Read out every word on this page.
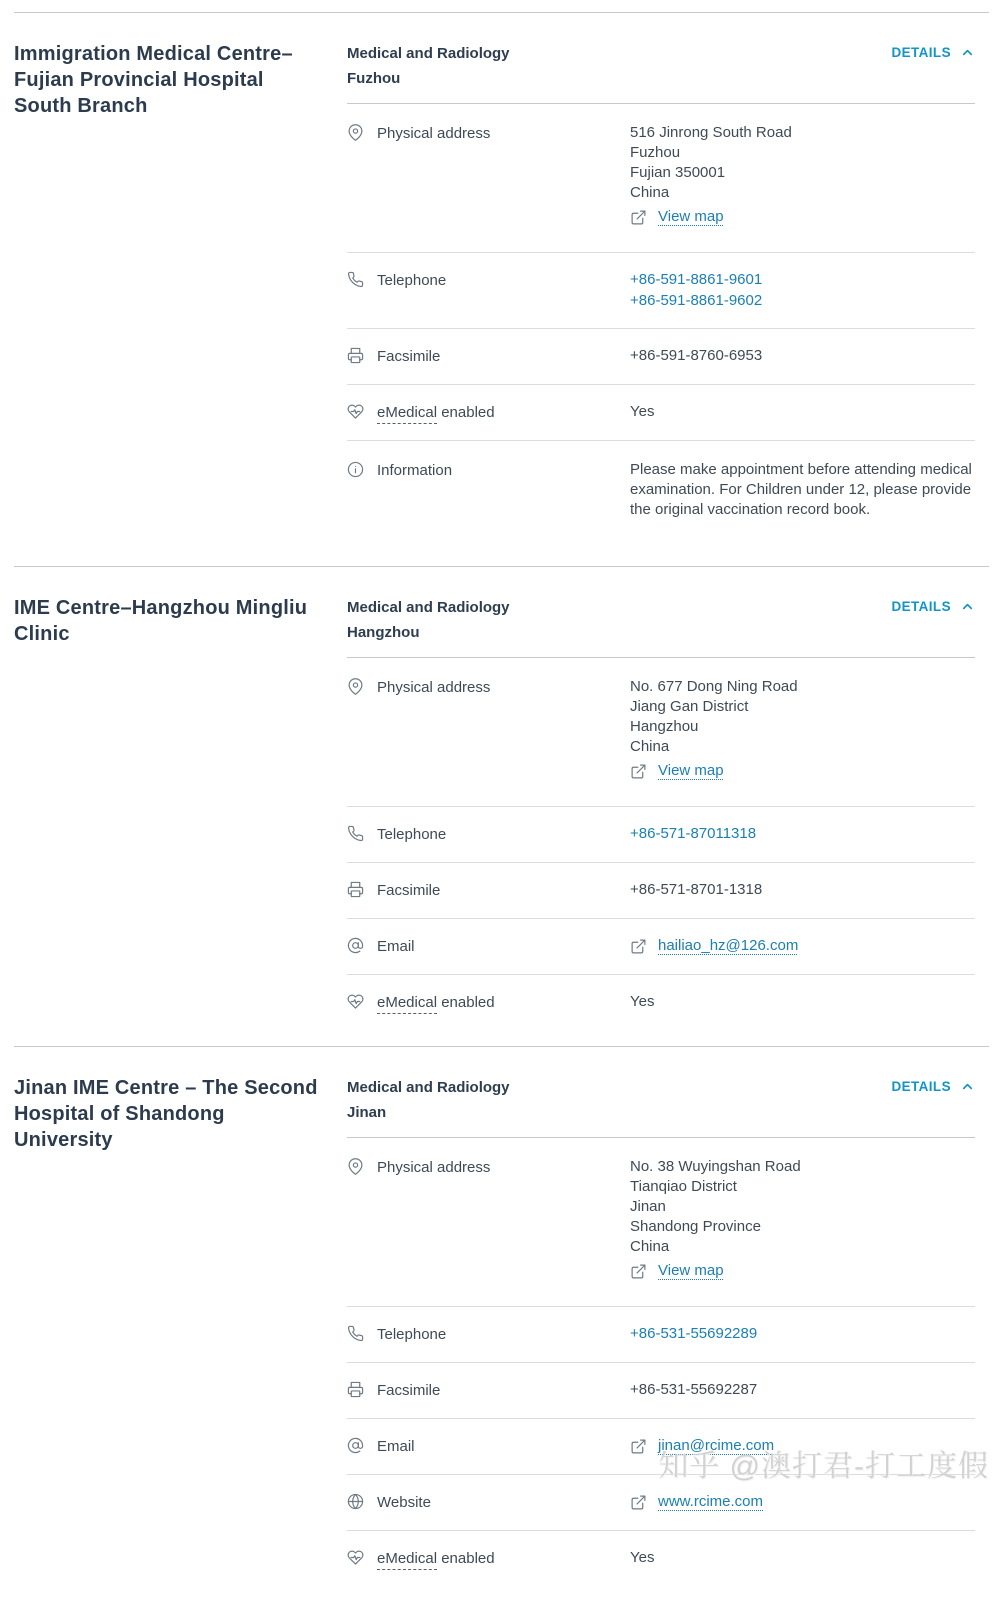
Immigration Medical Centre–Fujian Provincial Hospital South Branch
Medical and Radiology
Fuzhou
DETAILS
Physical address	516 Jinrong South Road
Fuzhou
Fujian 350001
China
View map
Telephone	+86-591-8861-9601
+86-591-8861-9602
Facsimile	+86-591-8760-6953
eMedical enabled	Yes
Information	Please make appointment before attending medical examination. For Children under 12, please provide the original vaccination record book.

IME Centre–Hangzhou Mingliu Clinic
Medical and Radiology
Hangzhou
DETAILS
Physical address	No. 677 Dong Ning Road
Jiang Gan District
Hangzhou
China
View map
Telephone	+86-571-87011318
Facsimile	+86-571-8701-1318
Email	hailiao_hz@126.com
eMedical enabled	Yes
Jinan IME Centre – The Second Hospital of Shandong University
Medical and Radiology
Jinan
DETAILS
Physical address	No. 38 Wuyingshan Road
Tianqiao District
Jinan
Shandong Province
China
View map
Telephone	+86-531-55692289
Facsimile	+86-531-55692287
Email	jinan@rcime.com
Website	www.rcime.com
eMedical enabled	Yes
知乎 @澳打君-打工度假
